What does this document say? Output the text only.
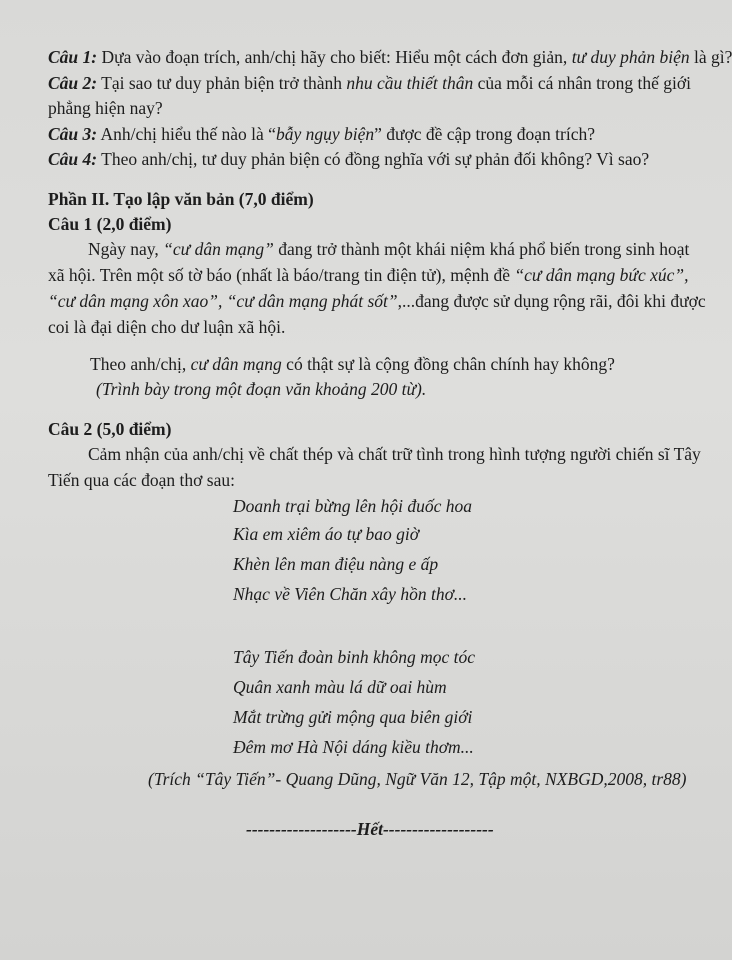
Câu 1: Dựa vào đoạn trích, anh/chị hãy cho biết: Hiểu một cách đơn giản, tư duy phản biện là gì?
Câu 2: Tại sao tư duy phản biện trở thành nhu cầu thiết thân của mỗi cá nhân trong thế giới
phẳng hiện nay?
Câu 3: Anh/chị hiểu thế nào là “bẫy ngụy biện” được đề cập trong đoạn trích?
Câu 4: Theo anh/chị, tư duy phản biện có đồng nghĩa với sự phản đối không? Vì sao?
Phần II. Tạo lập văn bản (7,0 điểm)
Câu 1 (2,0 điểm)
Ngày nay, “cư dân mạng” đang trở thành một khái niệm khá phổ biến trong sinh hoạt
xã hội. Trên một số tờ báo (nhất là báo/trang tin điện tử), mệnh đề “cư dân mạng bức xúc”,
“cư dân mạng xôn xao”, “cư dân mạng phát sốt”,...đang được sử dụng rộng rãi, đôi khi được
coi là đại diện cho dư luận xã hội.
Theo anh/chị, cư dân mạng có thật sự là cộng đồng chân chính hay không?
(Trình bày trong một đoạn văn khoảng 200 từ).
Câu 2 (5,0 điểm)
Cảm nhận của anh/chị về chất thép và chất trữ tình trong hình tượng người chiến sĩ Tây
Tiến qua các đoạn thơ sau:
Doanh trại bừng lên hội đuốc hoa
Kìa em xiêm áo tự bao giờ
Khèn lên man điệu nàng e ấp
Nhạc về Viên Chăn xây hồn thơ...
Tây Tiến đoàn binh không mọc tóc
Quân xanh màu lá dữ oai hùm
Mắt trừng gửi mộng qua biên giới
Đêm mơ Hà Nội dáng kiều thơm...
(Trích “Tây Tiến”- Quang Dũng, Ngữ Văn 12, Tập một, NXBGD,2008, tr88)
-------------------Hết-------------------
